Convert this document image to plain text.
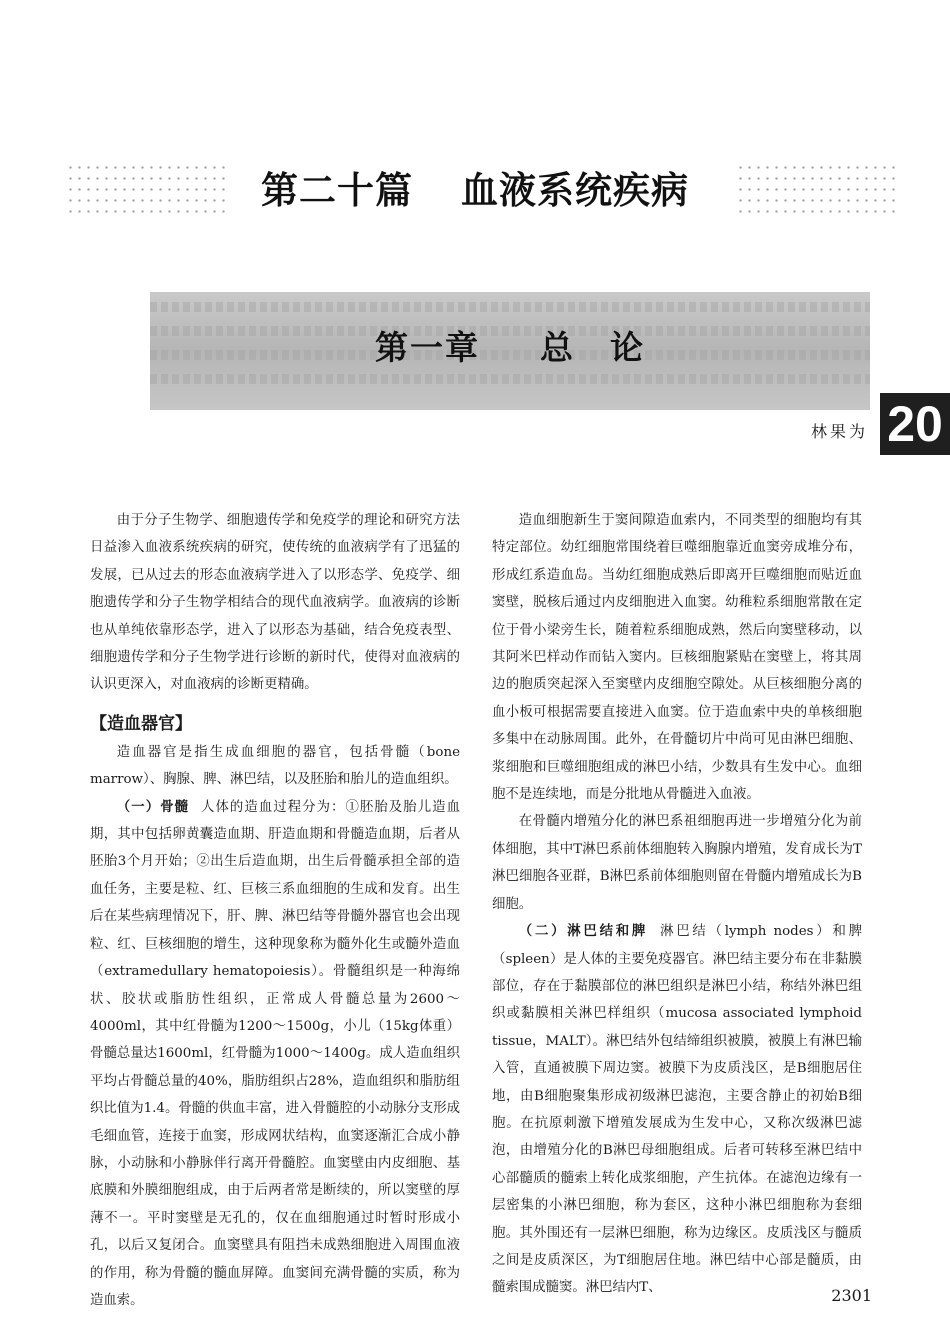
第二十篇 血液系统疾病
第一章 总　论
林果为 20

由于分子生物学、细胞遗传学和免疫学的理论和研究方法日益渗入血液系统疾病的研究，使传统的血液病学有了迅猛的发展，已从过去的形态血液病学进入了以形态学、免疫学、细胞遗传学和分子生物学相结合的现代血液病学。血液病的诊断也从单纯依靠形态学，进入了以形态为基础，结合免疫表型、细胞遗传学和分子生物学进行诊断的新时代，使得对血液病的认识更深入，对血液病的诊断更精确。

【造血器官】

造血器官是指生成血细胞的器官，包括骨髓（bone marrow）、胸腺、脾、淋巴结，以及胚胎和胎儿的造血组织。

（一）骨髓 人体的造血过程分为：①胚胎及胎儿造血期，其中包括卵黄囊造血期、肝造血期和骨髓造血期，后者从胚胎3个月开始；②出生后造血期，出生后骨髓承担全部的造血任务，主要是粒、红、巨核三系血细胞的生成和发育。出生后在某些病理情况下，肝、脾、淋巴结等骨髓外器官也会出现粒、红、巨核细胞的增生，这种现象称为髓外化生或髓外造血（extramedullary hematopoiesis）。骨髓组织是一种海绵状、胶状或脂肪性组织，正常成人骨髓总量为2600～4000ml，其中红骨髓为1200～1500g，小儿（15kg体重）骨髓总量达1600ml，红骨髓为1000～1400g。成人造血组织平均占骨髓总量的40%，脂肪组织占28%，造血组织和脂肪组织比值为1.4。骨髓的供血丰富，进入骨髓腔的小动脉分支形成毛细血管，连接于血窦，形成网状结构，血窦逐渐汇合成小静脉，小动脉和小静脉伴行离开骨髓腔。血窦壁由内皮细胞、基底膜和外膜细胞组成，由于后两者常是断续的，所以窦壁的厚薄不一。平时窦壁是无孔的，仅在血细胞通过时暂时形成小孔，以后又复闭合。血窦壁具有阻挡未成熟细胞进入周围血液的作用，称为骨髓的髓血屏障。血窦间充满骨髓的实质，称为造血索。

造血细胞新生于窦间隙造血索内，不同类型的细胞均有其特定部位。幼红细胞常围绕着巨噬细胞靠近血窦旁成堆分布，形成红系造血岛。当幼红细胞成熟后即离开巨噬细胞而贴近血窦壁，脱核后通过内皮细胞进入血窦。幼稚粒系细胞常散在定位于骨小梁旁生长，随着粒系细胞成熟，然后向窦壁移动，以其阿米巴样动作而钻入窦内。巨核细胞紧贴在窦壁上，将其周边的胞质突起深入至窦壁内皮细胞空隙处。从巨核细胞分离的血小板可根据需要直接进入血窦。位于造血索中央的单核细胞多集中在动脉周围。此外，在骨髓切片中尚可见由淋巴细胞、浆细胞和巨噬细胞组成的淋巴小结，少数具有生发中心。血细胞不是连续地，而是分批地从骨髓进入血液。

在骨髓内增殖分化的淋巴系祖细胞再进一步增殖分化为前体细胞，其中T淋巴系前体细胞转入胸腺内增殖，发育成长为T淋巴细胞各亚群，B淋巴系前体细胞则留在骨髓内增殖成长为B细胞。

（二）淋巴结和脾 淋巴结（lymph nodes）和脾（spleen）是人体的主要免疫器官。淋巴结主要分布在非黏膜部位，存在于黏膜部位的淋巴组织是淋巴小结，称结外淋巴组织或黏膜相关淋巴样组织（mucosa associated lymphoid tissue，MALT）。淋巴结外包结缔组织被膜，被膜上有淋巴输入管，直通被膜下周边窦。被膜下为皮质浅区，是B细胞居住地，由B细胞聚集形成初级淋巴滤泡，主要含静止的初始B细胞。在抗原刺激下增殖发展成为生发中心，又称次级淋巴滤泡，由增殖分化的B淋巴母细胞组成。后者可转移至淋巴结中心部髓质的髓索上转化成浆细胞，产生抗体。在滤泡边缘有一层密集的小淋巴细胞，称为套区，这种小淋巴细胞称为套细胞。其外围还有一层淋巴细胞，称为边缘区。皮质浅区与髓质之间是皮质深区，为T细胞居住地。淋巴结中心部是髓质，由髓索围成髓窦。淋巴结内T、	2301
